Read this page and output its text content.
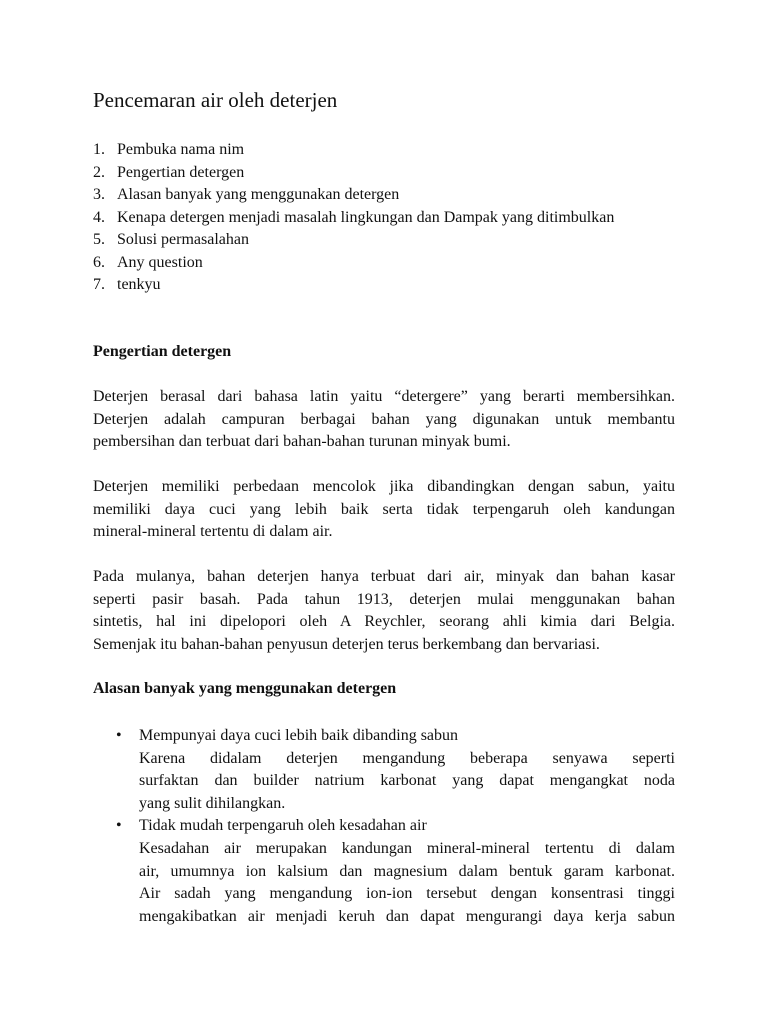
Pencemaran air oleh deterjen
1. Pembuka nama nim
2. Pengertian detergen
3. Alasan banyak yang menggunakan detergen
4. Kenapa detergen menjadi masalah lingkungan dan Dampak yang ditimbulkan
5. Solusi permasalahan
6. Any question
7. tenkyu
Pengertian detergen

Deterjen berasal dari bahasa latin yaitu “detergere” yang berarti membersihkan.
Deterjen adalah campuran berbagai bahan yang digunakan untuk membantu
pembersihan dan terbuat dari bahan-bahan turunan minyak bumi.

Deterjen memiliki perbedaan mencolok jika dibandingkan dengan sabun, yaitu
memiliki daya cuci yang lebih baik serta tidak terpengaruh oleh kandungan
mineral-mineral tertentu di dalam air.

Pada mulanya, bahan deterjen hanya terbuat dari air, minyak dan bahan kasar
seperti pasir basah. Pada tahun 1913, deterjen mulai menggunakan bahan
sintetis, hal ini dipelopori oleh A Reychler, seorang ahli kimia dari Belgia.
Semenjak itu bahan-bahan penyusun deterjen terus berkembang dan bervariasi.

Alasan banyak yang menggunakan detergen
• Mempunyai daya cuci lebih baik dibanding sabun
Karena didalam deterjen mengandung beberapa senyawa seperti
surfaktan dan builder natrium karbonat yang dapat mengangkat noda
yang sulit dihilangkan.
• Tidak mudah terpengaruh oleh kesadahan air
Kesadahan air merupakan kandungan mineral-mineral tertentu di dalam
air, umumnya ion kalsium dan magnesium dalam bentuk garam karbonat.
Air sadah yang mengandung ion-ion tersebut dengan konsentrasi tinggi
mengakibatkan air menjadi keruh dan dapat mengurangi daya kerja sabun
